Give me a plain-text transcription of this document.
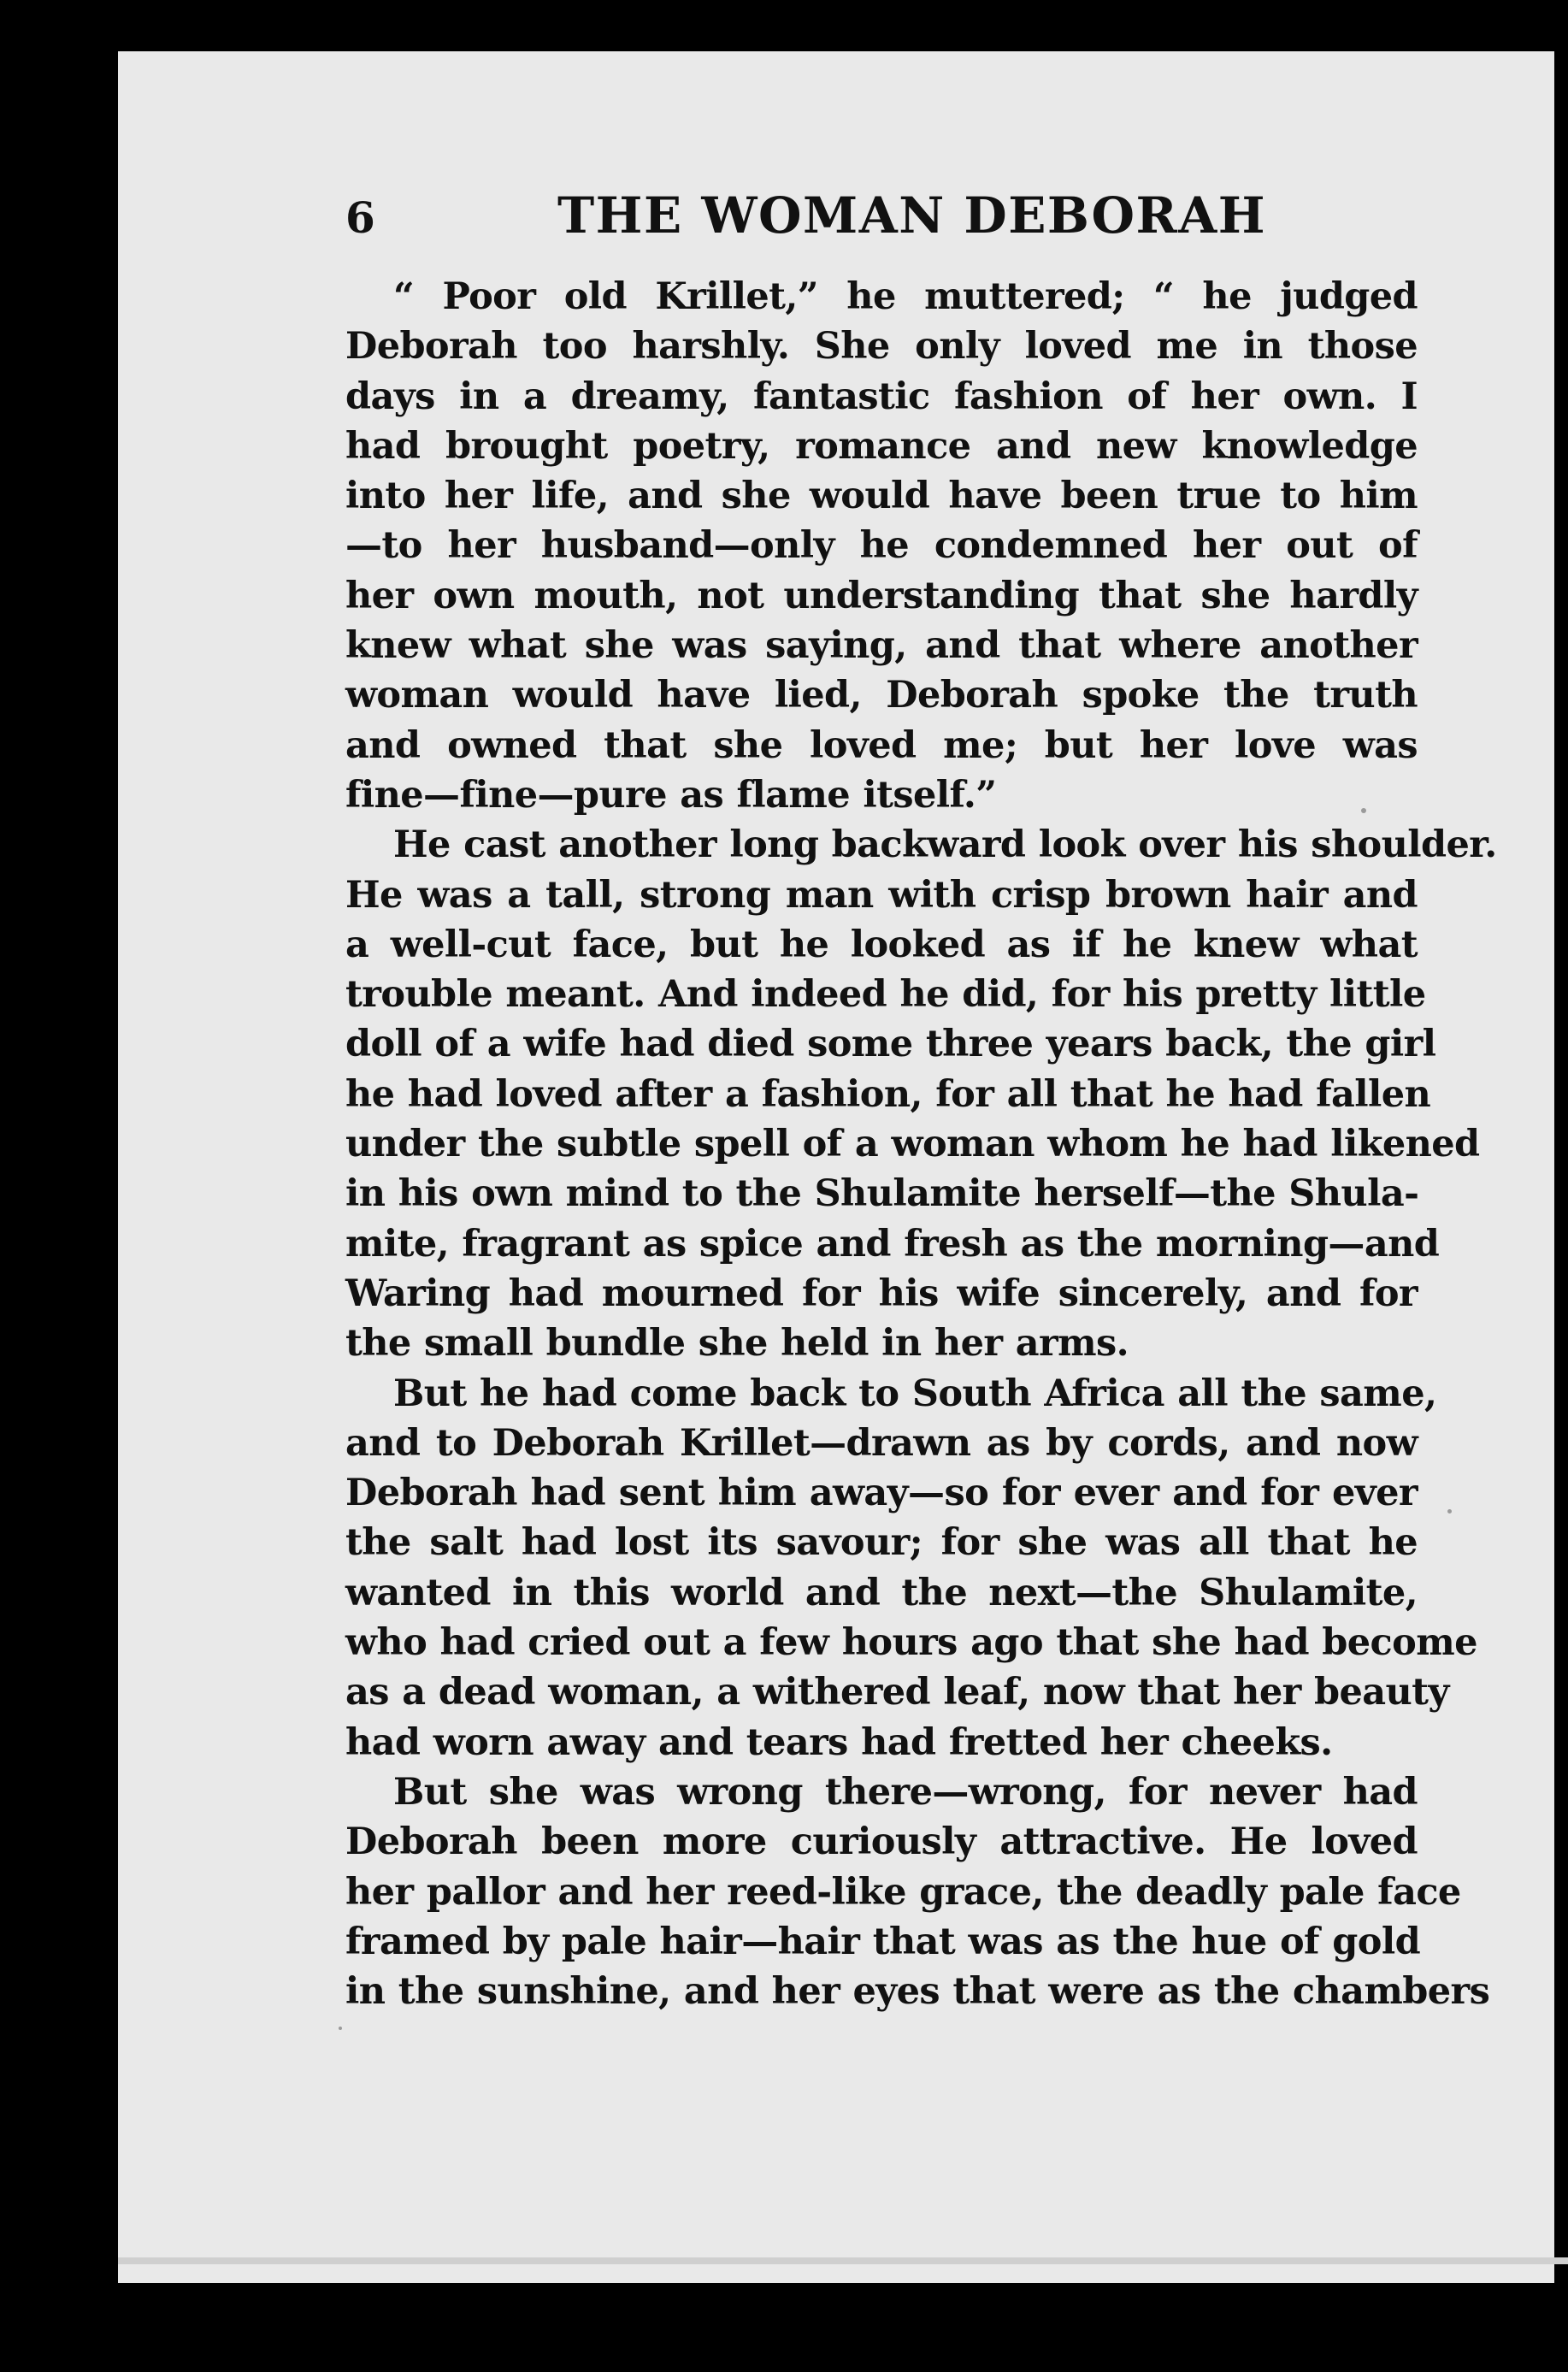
6	THE WOMAN DEBORAH

“ Poor old Krillet,” he muttered; “ he judged
Deborah too harshly. She only loved me in those
days in a dreamy, fantastic fashion of her own. I
had brought poetry, romance and new knowledge
into her life, and she would have been true to him
—to her husband—only he condemned her out of
her own mouth, not understanding that she hardly
knew what she was saying, and that where another
woman would have lied, Deborah spoke the truth
and owned that she loved me; but her love was
fine—fine—pure as flame itself.”

He cast another long backward look over his shoulder.
He was a tall, strong man with crisp brown hair and
a well-cut face, but he looked as if he knew what
trouble meant. And indeed he did, for his pretty little
doll of a wife had died some three years back, the girl
he had loved after a fashion, for all that he had fallen
under the subtle spell of a woman whom he had likened
in his own mind to the Shulamite herself—the Shula-
mite, fragrant as spice and fresh as the morning—and
Waring had mourned for his wife sincerely, and for
the small bundle she held in her arms.

But he had come back to South Africa all the same,
and to Deborah Krillet—drawn as by cords, and now
Deborah had sent him away—so for ever and for ever
the salt had lost its savour; for she was all that he
wanted in this world and the next—the Shulamite,
who had cried out a few hours ago that she had become
as a dead woman, a withered leaf, now that her beauty
had worn away and tears had fretted her cheeks.

But she was wrong there—wrong, for never had
Deborah been more curiously attractive. He loved
her pallor and her reed-like grace, the deadly pale face
framed by pale hair—hair that was as the hue of gold
in the sunshine, and her eyes that were as the chambers
